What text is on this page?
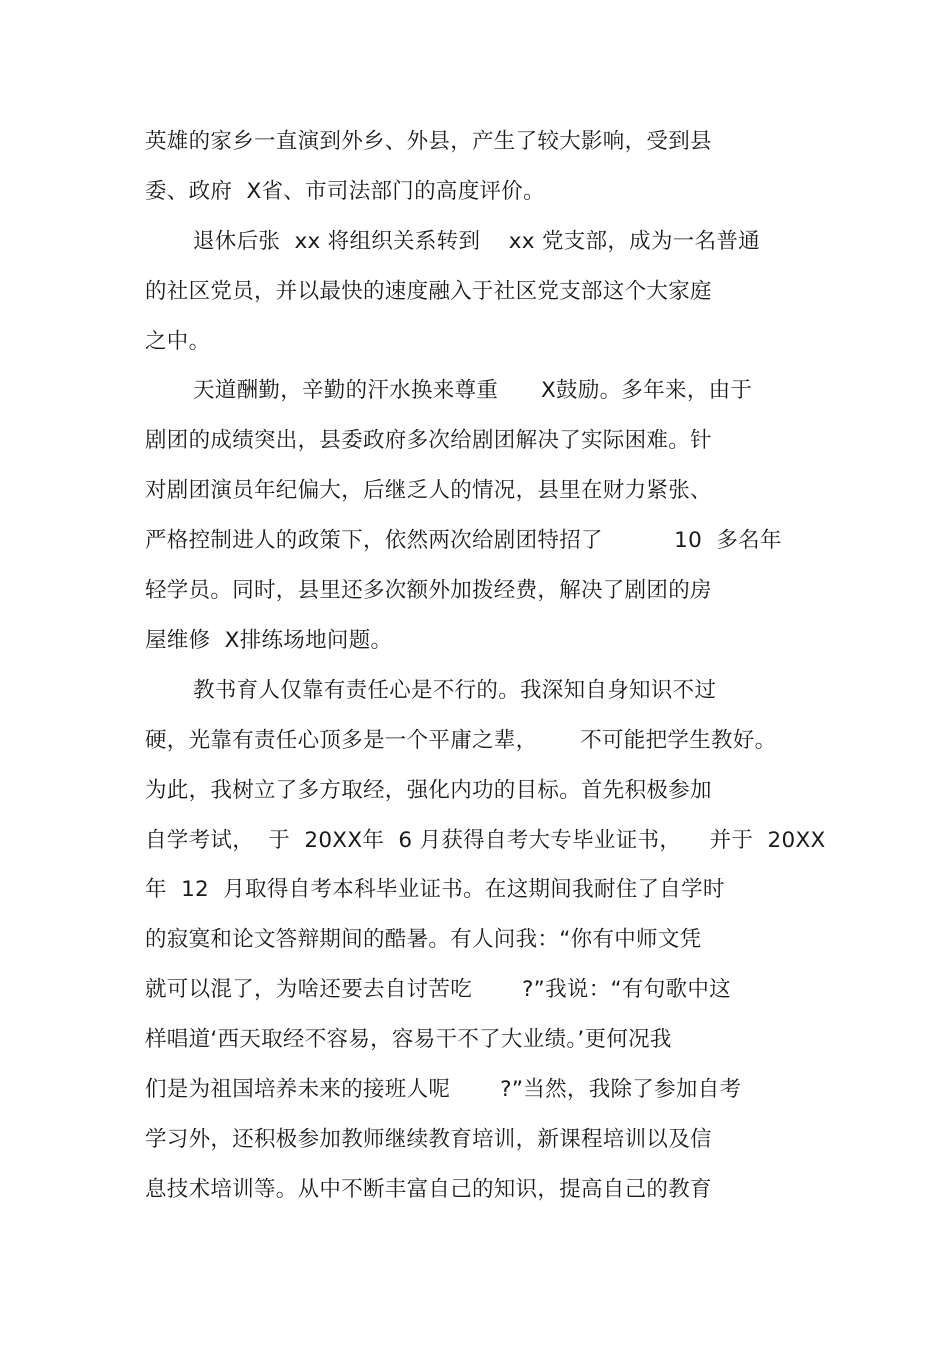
英雄的家乡一直演到外乡、外县，产生了较大影响，受到县

委、政府  X省、市司法部门的高度评价。

退休后张  xx 将组织关系转到    xx 党支部，成为一名普通

的社区党员，并以最快的速度融入于社区党支部这个大家庭

之中。

天道酬勤，辛勤的汗水换来尊重      X鼓励。多年来，由于

剧团的成绩突出，县委政府多次给剧团解决了实际困难。针

对剧团演员年纪偏大，后继乏人的情况，县里在财力紧张、

严格控制进人的政策下，依然两次给剧团特招了          10  多名年

轻学员。同时，县里还多次额外加拨经费，解决了剧团的房

屋维修  X排练场地问题。

教书育人仅靠有责任心是不行的。我深知自身知识不过

硬，光靠有责任心顶多是一个平庸之辈，      不可能把学生教好。

为此，我树立了多方取经，强化内功的目标。首先积极参加

自学考试，  于  20XX年  6 月获得自考大专毕业证书，    并于  20XX

年  12  月取得自考本科毕业证书。在这期间我耐住了自学时

的寂寞和论文答辩期间的酷暑。有人问我：“你有中师文凭

就可以混了，为啥还要去自讨苦吃       ?”我说：“有句歌中这

样唱道‘西天取经不容易，容易干不了大业绩。’更何况我

们是为祖国培养未来的接班人呢       ?”当然，我除了参加自考

学习外，还积极参加教师继续教育培训，新课程培训以及信

息技术培训等。从中不断丰富自己的知识，提高自己的教育
